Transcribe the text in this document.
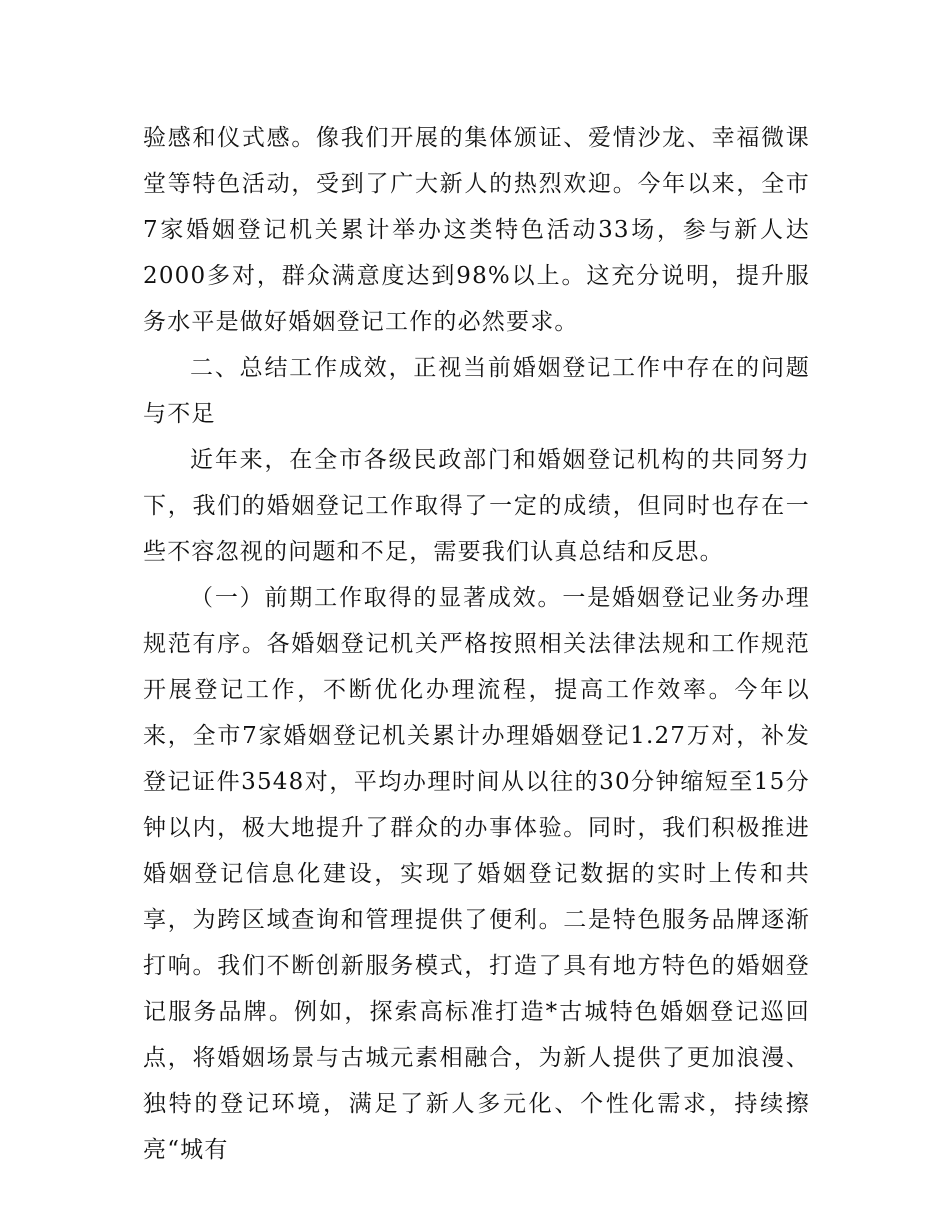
验感和仪式感。像我们开展的集体颁证、爱情沙龙、幸福微课堂等特色活动，受到了广大新人的热烈欢迎。今年以来，全市7家婚姻登记机关累计举办这类特色活动33场，参与新人达2000多对，群众满意度达到98%以上。这充分说明，提升服务水平是做好婚姻登记工作的必然要求。

二、总结工作成效，正视当前婚姻登记工作中存在的问题与不足

近年来，在全市各级民政部门和婚姻登记机构的共同努力下，我们的婚姻登记工作取得了一定的成绩，但同时也存在一些不容忽视的问题和不足，需要我们认真总结和反思。

（一）前期工作取得的显著成效。一是婚姻登记业务办理规范有序。各婚姻登记机关严格按照相关法律法规和工作规范开展登记工作，不断优化办理流程，提高工作效率。今年以来，全市7家婚姻登记机关累计办理婚姻登记1.27万对，补发登记证件3548对，平均办理时间从以往的30分钟缩短至15分钟以内，极大地提升了群众的办事体验。同时，我们积极推进婚姻登记信息化建设，实现了婚姻登记数据的实时上传和共享，为跨区域查询和管理提供了便利。二是特色服务品牌逐渐打响。我们不断创新服务模式，打造了具有地方特色的婚姻登记服务品牌。例如，探索高标准打造*古城特色婚姻登记巡回点，将婚姻场景与古城元素相融合，为新人提供了更加浪漫、独特的登记环境，满足了新人多元化、个性化需求，持续擦亮“城有
